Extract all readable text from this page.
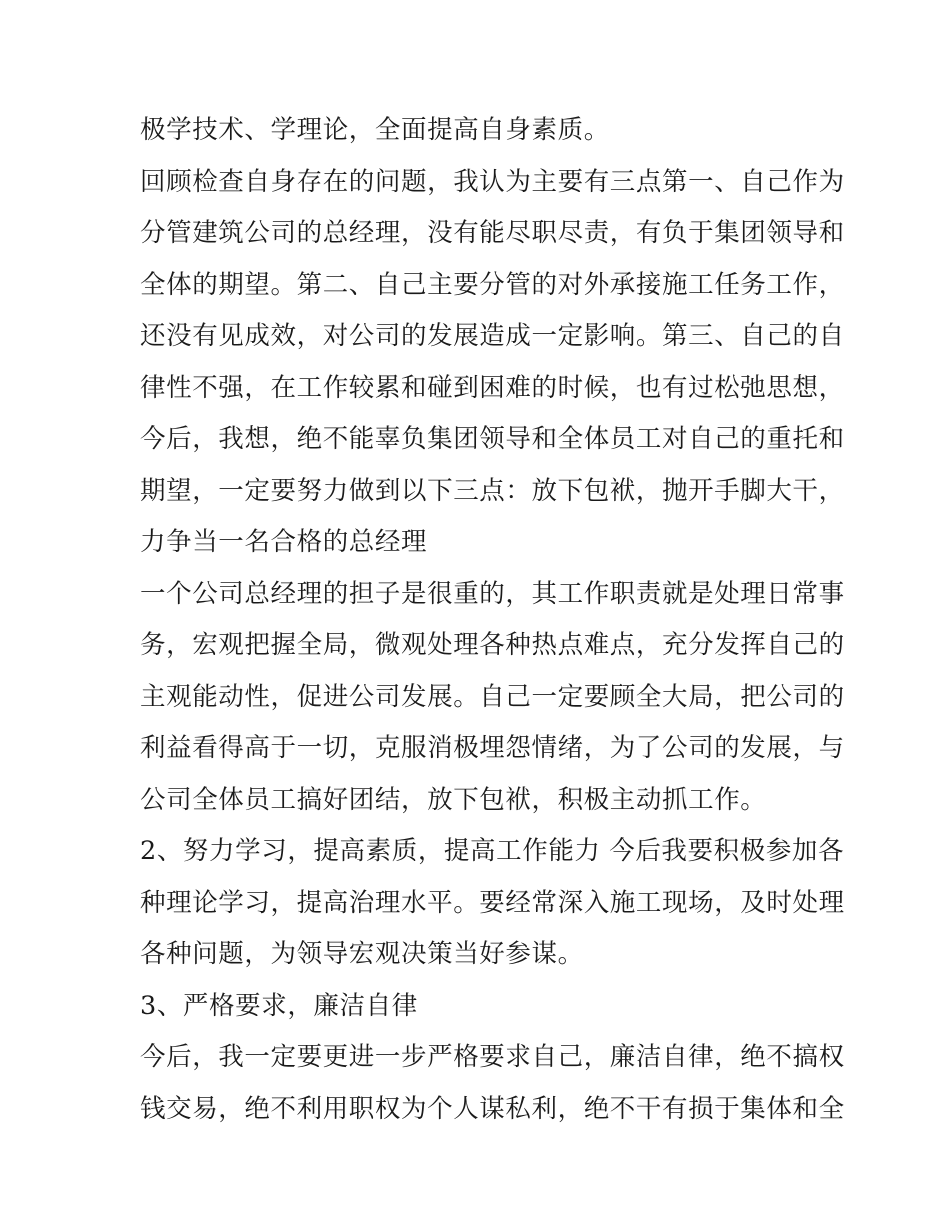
极学技术、学理论，全面提高自身素质。
回顾检查自身存在的问题，我认为主要有三点第一、自己作为
分管建筑公司的总经理，没有能尽职尽责，有负于集团领导和
全体的期望。第二、自己主要分管的对外承接施工任务工作，
还没有见成效，对公司的发展造成一定影响。第三、自己的自
律性不强，在工作较累和碰到困难的时候，也有过松弛思想，
今后，我想，绝不能辜负集团领导和全体员工对自己的重托和
期望，一定要努力做到以下三点：放下包袱，抛开手脚大干，
力争当一名合格的总经理
一个公司总经理的担子是很重的，其工作职责就是处理日常事
务，宏观把握全局，微观处理各种热点难点，充分发挥自己的
主观能动性，促进公司发展。自己一定要顾全大局，把公司的
利益看得高于一切，克服消极埋怨情绪，为了公司的发展，与
公司全体员工搞好团结，放下包袱，积极主动抓工作。
2、努力学习，提高素质，提高工作能力 今后我要积极参加各
种理论学习，提高治理水平。要经常深入施工现场，及时处理
各种问题，为领导宏观决策当好参谋。
3、严格要求，廉洁自律
今后，我一定要更进一步严格要求自己，廉洁自律，绝不搞权
钱交易，绝不利用职权为个人谋私利，绝不干有损于集体和全
